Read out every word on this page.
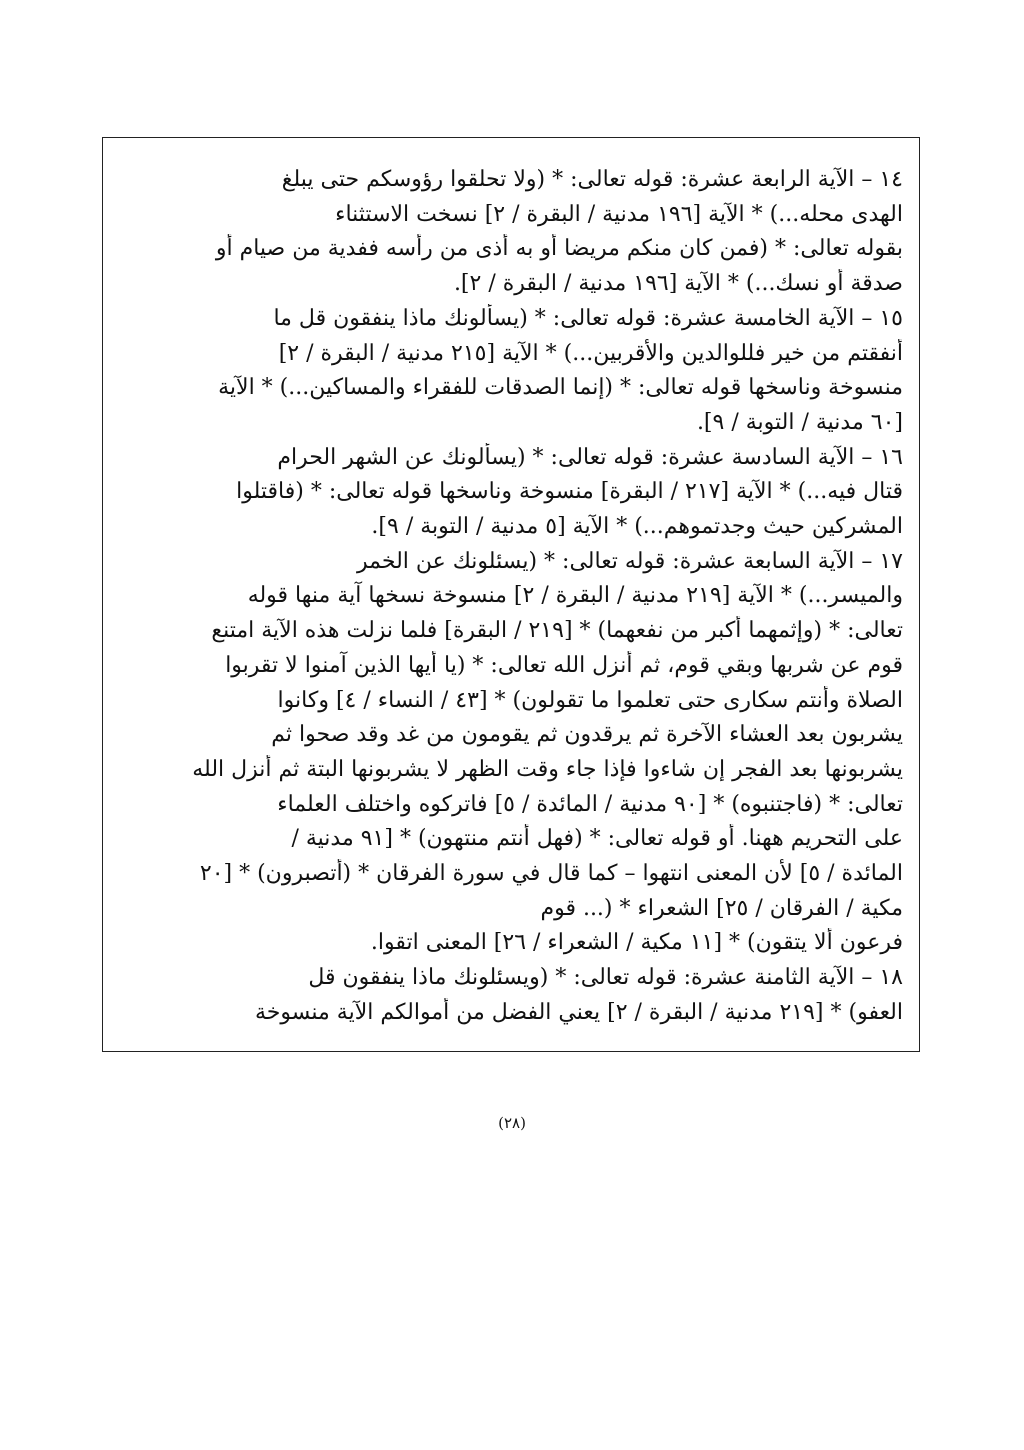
١٤ – الآية الرابعة عشرة: قوله تعالى: * (ولا تحلقوا رؤوسكم حتى يبلغ
الهدى محله...) * الآية [١٩٦ مدنية / البقرة / ٢] نسخت الاستثناء
بقوله تعالى: * (فمن كان منكم مريضا أو به أذى من رأسه ففدية من صيام أو
صدقة أو نسك...) * الآية [١٩٦ مدنية / البقرة / ٢].
١٥ – الآية الخامسة عشرة: قوله تعالى: * (يسألونك ماذا ينفقون قل ما
أنفقتم من خير فللوالدين والأقربين...) * الآية [٢١٥ مدنية / البقرة / ٢]
منسوخة وناسخها قوله تعالى: * (إنما الصدقات للفقراء والمساكين...) * الآية
[٦٠ مدنية / التوبة / ٩].
١٦ – الآية السادسة عشرة: قوله تعالى: * (يسألونك عن الشهر الحرام
قتال فيه...) * الآية [٢١٧ / البقرة] منسوخة وناسخها قوله تعالى: * (فاقتلوا
المشركين حيث وجدتموهم...) * الآية [٥ مدنية / التوبة / ٩].
١٧ – الآية السابعة عشرة: قوله تعالى: * (يسئلونك عن الخمر
والميسر...) * الآية [٢١٩ مدنية / البقرة / ٢] منسوخة نسخها آية منها قوله
تعالى: * (وإثمهما أكبر من نفعهما) * [٢١٩ / البقرة] فلما نزلت هذه الآية امتنع
قوم عن شربها وبقي قوم، ثم أنزل الله تعالى: * (يا أيها الذين آمنوا لا تقربوا
الصلاة وأنتم سكارى حتى تعلموا ما تقولون) * [٤٣ / النساء / ٤] وكانوا
يشربون بعد العشاء الآخرة ثم يرقدون ثم يقومون من غد وقد صحوا ثم
يشربونها بعد الفجر إن شاءوا فإذا جاء وقت الظهر لا يشربونها البتة ثم أنزل الله
تعالى: * (فاجتنبوه) * [٩٠ مدنية / المائدة / ٥] فاتركوه واختلف العلماء
على التحريم ههنا. أو قوله تعالى: * (فهل أنتم منتهون) * [٩١ مدنية /
المائدة / ٥] لأن المعنى انتهوا – كما قال في سورة الفرقان * (أتصبرون) * [٢٠
مكية / الفرقان / ٢٥] الشعراء * (... قوم
فرعون ألا يتقون) * [١١ مكية / الشعراء / ٢٦] المعنى اتقوا.
١٨ – الآية الثامنة عشرة: قوله تعالى: * (ويسئلونك ماذا ينفقون قل
العفو) * [٢١٩ مدنية / البقرة / ٢] يعني الفضل من أموالكم الآية منسوخة
(٢٨)
